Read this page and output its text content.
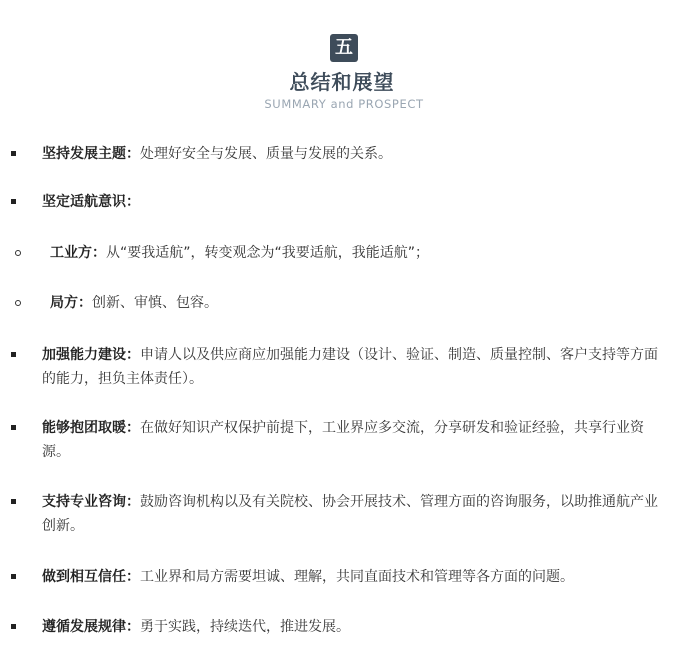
五
总结和展望
SUMMARY and PROSPECT
坚持发展主题：处理好安全与发展、质量与发展的关系。
坚定适航意识：
工业方：从“要我适航”，转变观念为“我要适航，我能适航”；
局方：创新、审慎、包容。
加强能力建设：申请人以及供应商应加强能力建设（设计、验证、制造、质量控制、客户支持等方面的能力，担负主体责任）。
能够抱团取暖：在做好知识产权保护前提下，工业界应多交流，分享研发和验证经验，共享行业资源。
支持专业咨询：鼓励咨询机构以及有关院校、协会开展技术、管理方面的咨询服务，以助推通航产业创新。
做到相互信任：工业界和局方需要坦诚、理解，共同直面技术和管理等各方面的问题。
遵循发展规律：勇于实践，持续迭代，推进发展。
